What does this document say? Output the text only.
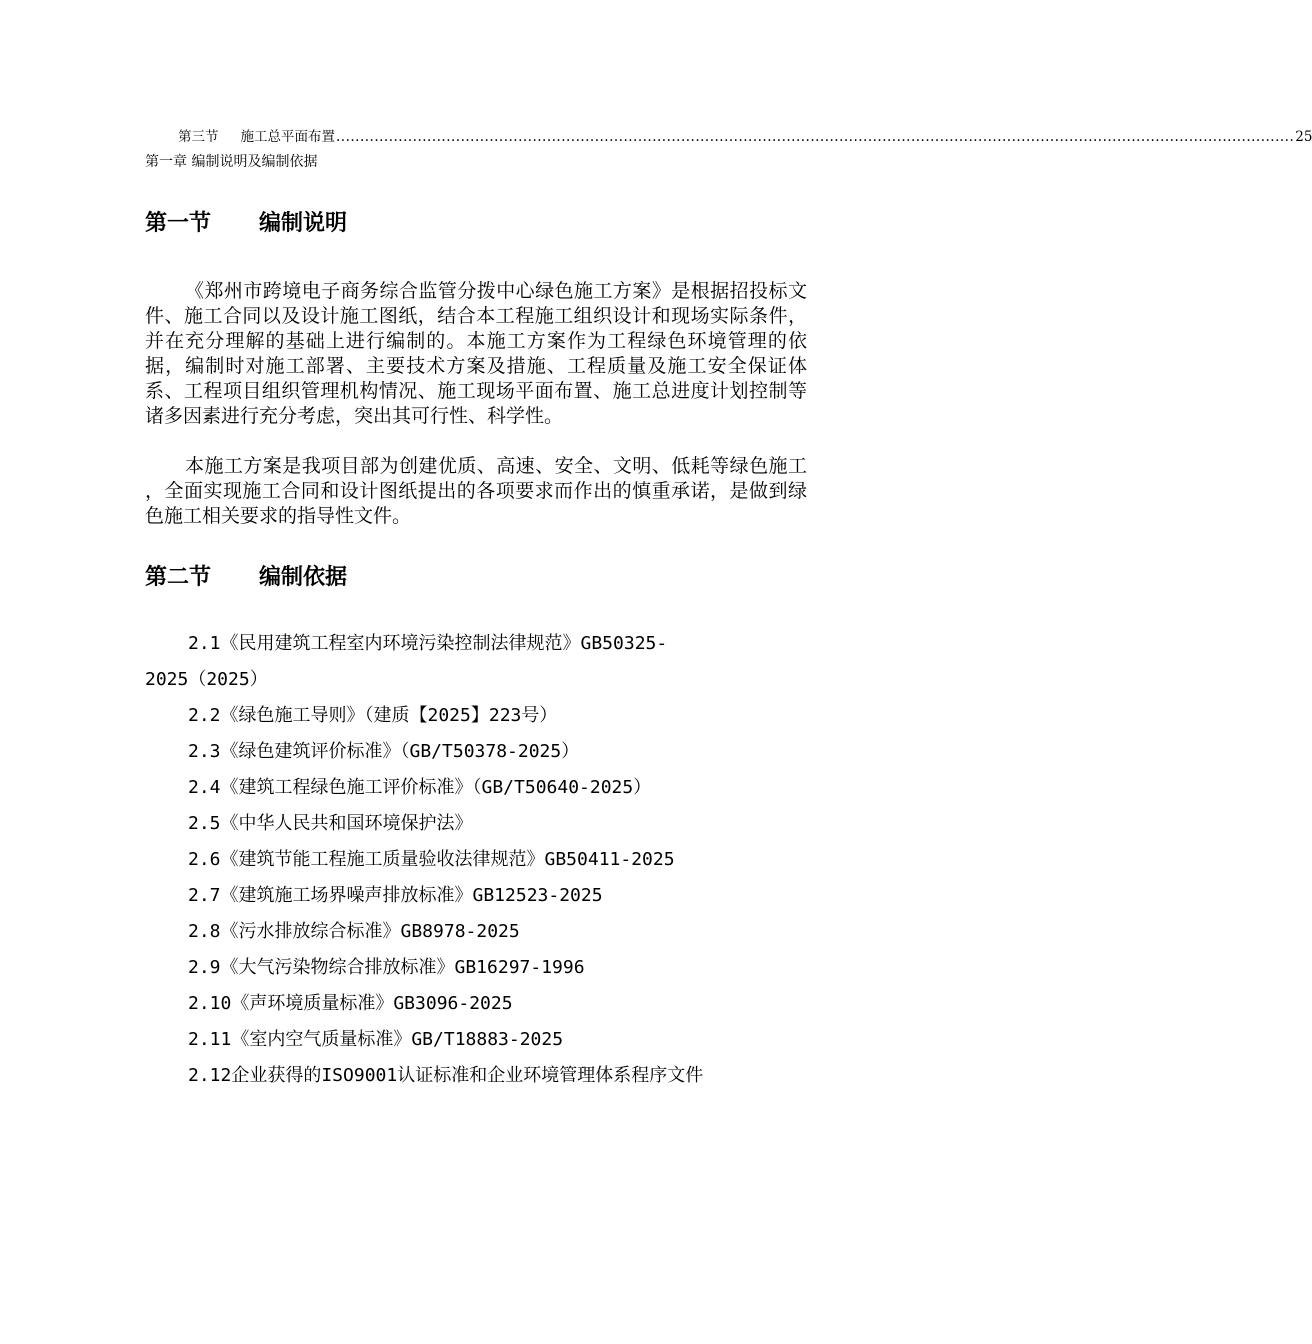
第三节 施工总平面布置 ........................................................................................................................................................................................................ 25
第一章 编制说明及编制依据
第一节 编制说明

《郑州市跨境电子商务综合监管分拨中心绿色施工方案》是根据招投标文件、施工合同以及设计施工图纸，结合本工程施工组织设计和现场实际条件，并在充分理解的基础上进行编制的。本施工方案作为工程绿色环境管理的依据，编制时对施工部署、主要技术方案及措施、工程质量及施工安全保证体系、工程项目组织管理机构情况、施工现场平面布置、施工总进度计划控制等诸多因素进行充分考虑，突出其可行性、科学性。

本施工方案是我项目部为创建优质、高速、安全、文明、低耗等绿色施工 ，全面实现施工合同和设计图纸提出的各项要求而作出的慎重承诺，是做到绿色施工相关要求的指导性文件。

第二节 编制依据
2.1《民用建筑工程室内环境污染控制法律规范》GB50325-
2025（2025）
2.2《绿色施工导则》（建质【2025】223号）
2.3《绿色建筑评价标准》（GB/T50378-2025）
2.4《建筑工程绿色施工评价标准》（GB/T50640-2025）
2.5《中华人民共和国环境保护法》
2.6《建筑节能工程施工质量验收法律规范》GB50411-2025
2.7《建筑施工场界噪声排放标准》GB12523-2025
2.8《污水排放综合标准》GB8978-2025
2.9《大气污染物综合排放标准》GB16297-1996
2.10《声环境质量标准》GB3096-2025
2.11《室内空气质量标准》GB/T18883-2025
2.12企业获得的ISO9001认证标准和企业环境管理体系程序文件
